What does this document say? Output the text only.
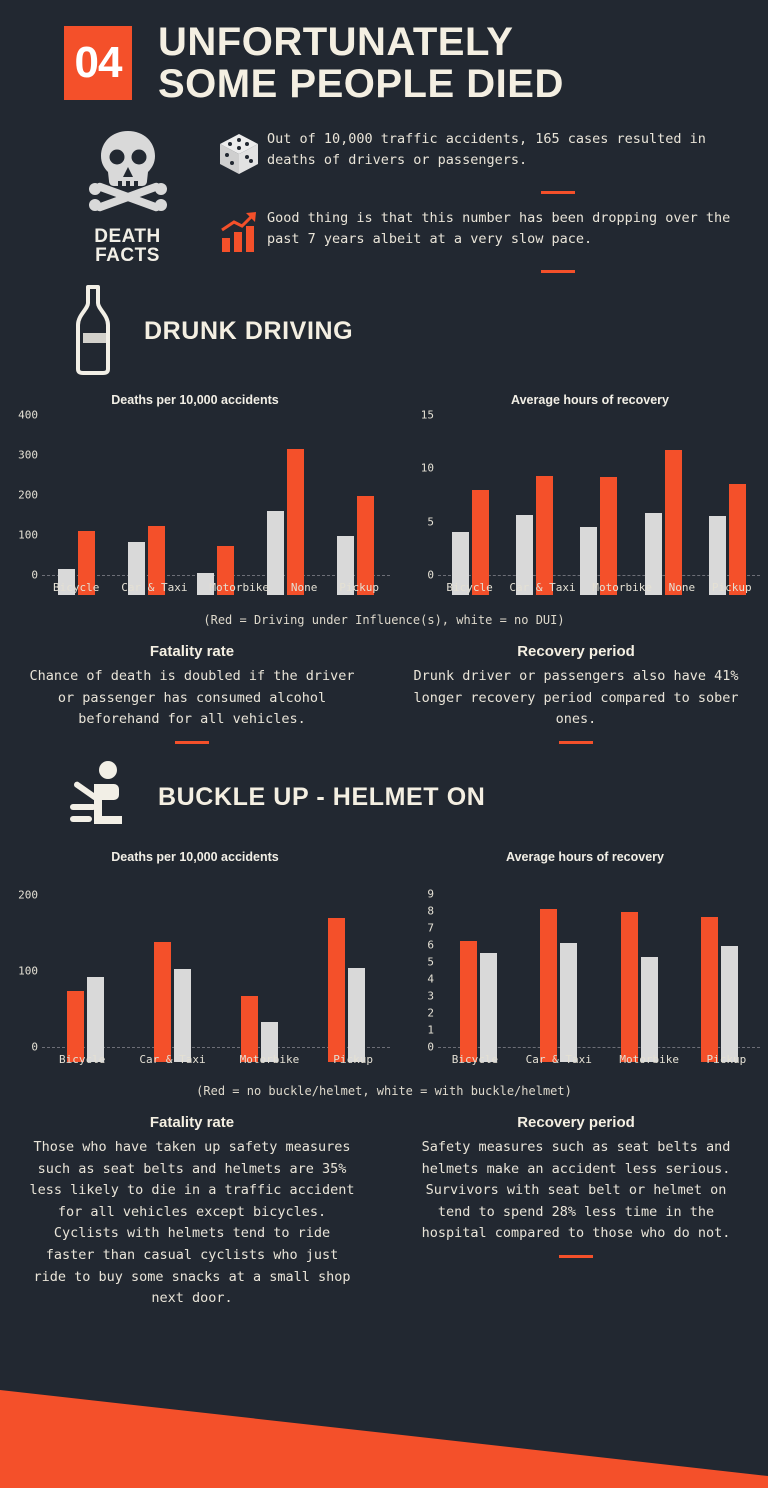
04 UNFORTUNATELY
SOME PEOPLE DIED
DEATH
FACTS
Out of 10,000 traffic accidents, 165 cases resulted in deaths of drivers or passengers.
Good thing is that this number has been dropping over the past 7 years albeit at a very slow pace.
DRUNK DRIVING
Deaths per 10,000 accidents
0
100
200
300
400
Bicycle Car & Taxi Motorbike None Pickup
Average hours of recovery
0
5
10
15
Bicycle Car & Taxi Motorbike None Pickup
(Red = Driving under Influence(s), white = no DUI)
Fatality rate
Chance of death is doubled if the driver or passenger has consumed alcohol beforehand for all vehicles.
Recovery period
Drunk driver or passengers also have 41% longer recovery period compared to sober ones.
BUCKLE UP - HELMET ON
Deaths per 10,000 accidents
0
100
200
Bicycle	Car & Taxi	Motorbike	Pickup
Average hours of recovery
0
1
2
3
4
5
6
7
8
9
Bicycle	Car & Taxi	Motorbike	Pickup
(Red = no buckle/helmet, white = with buckle/helmet)
Fatality rate
Those who have taken up safety measures such as seat belts and helmets are 35% less likely to die in a traffic accident for all vehicles except bicycles. Cyclists with helmets tend to ride faster than casual cyclists who just ride to buy some snacks at a small shop next door.
Recovery period
Safety measures such as seat belts and helmets make an accident less serious. Survivors with seat belt or helmet on tend to spend 28% less time in the hospital compared to those who do not.
